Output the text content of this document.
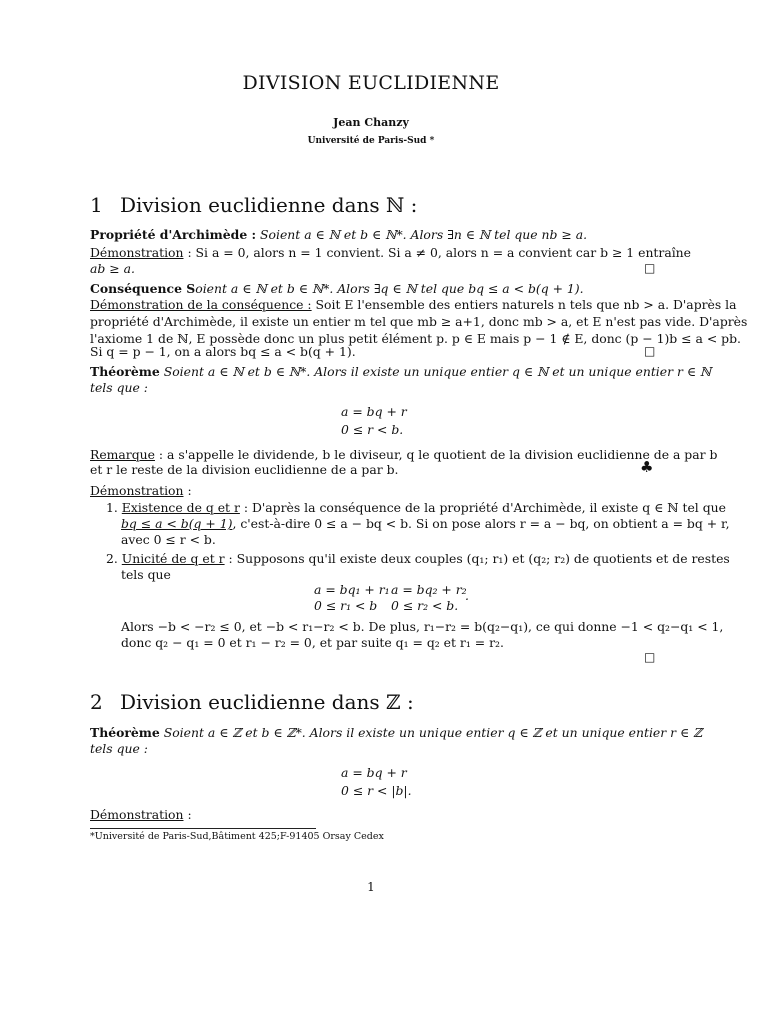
DIVISION EUCLIDIENNE
Jean Chanzy
Université de Paris-Sud *
1 Division euclidienne dans ℕ :
Propriété d'Archimède : Soient a ∈ ℕ et b ∈ ℕ*. Alors ∃n ∈ ℕ tel que nb ≥ a.
Démonstration : Si a = 0, alors n = 1 convient. Si a ≠ 0, alors n = a convient car b ≥ 1 entraîne
ab ≥ a.	□
Conséquence Soient a ∈ ℕ et b ∈ ℕ*. Alors ∃q ∈ ℕ tel que bq ≤ a < b(q + 1).
Démonstration de la conséquence : Soit E l'ensemble des entiers naturels n tels que nb > a. D'après la
propriété d'Archimède, il existe un entier m tel que mb ≥ a+1, donc mb > a, et E n'est pas vide. D'après
l'axiome 1 de ℕ, E possède donc un plus petit élément p. p ∈ E mais p − 1 ∉ E, donc (p − 1)b ≤ a < pb.
Si q = p − 1, on a alors bq ≤ a < b(q + 1).	□
Théorème Soient a ∈ ℕ et b ∈ ℕ*. Alors il existe un unique entier q ∈ ℕ et un unique entier r ∈ ℕ
tels que :
a = bq + r
0 ≤ r < b.
Remarque : a s'appelle le dividende, b le diviseur, q le quotient de la division euclidienne de a par b
et r le reste de la division euclidienne de a par b.	♣
Démonstration :
1. Existence de q et r : D'après la conséquence de la propriété d'Archimède, il existe q ∈ ℕ tel que
bq ≤ a < b(q + 1), c'est-à-dire 0 ≤ a − bq < b. Si on pose alors r = a − bq, on obtient a = bq + r,
avec 0 ≤ r < b.
2. Unicité de q et r : Supposons qu'il existe deux couples (q₁; r₁) et (q₂; r₂) de quotients et de restes
tels que
a = bq₁ + r₁ a = bq₂ + r₂
0 ≤ r₁ < b 0 ≤ r₂ < b.
.
Alors −b < −r₂ ≤ 0, et −b < r₁−r₂ < b. De plus, r₁−r₂ = b(q₂−q₁), ce qui donne −1 < q₂−q₁ < 1,
donc q₂ − q₁ = 0 et r₁ − r₂ = 0, et par suite q₁ = q₂ et r₁ = r₂.
□
2 Division euclidienne dans ℤ :
Théorème Soient a ∈ ℤ et b ∈ ℤ*. Alors il existe un unique entier q ∈ ℤ et un unique entier r ∈ ℤ
tels que :
a = bq + r
0 ≤ r < |b|.
Démonstration :
*Université de Paris-Sud,Bâtiment 425;F-91405 Orsay Cedex
1
